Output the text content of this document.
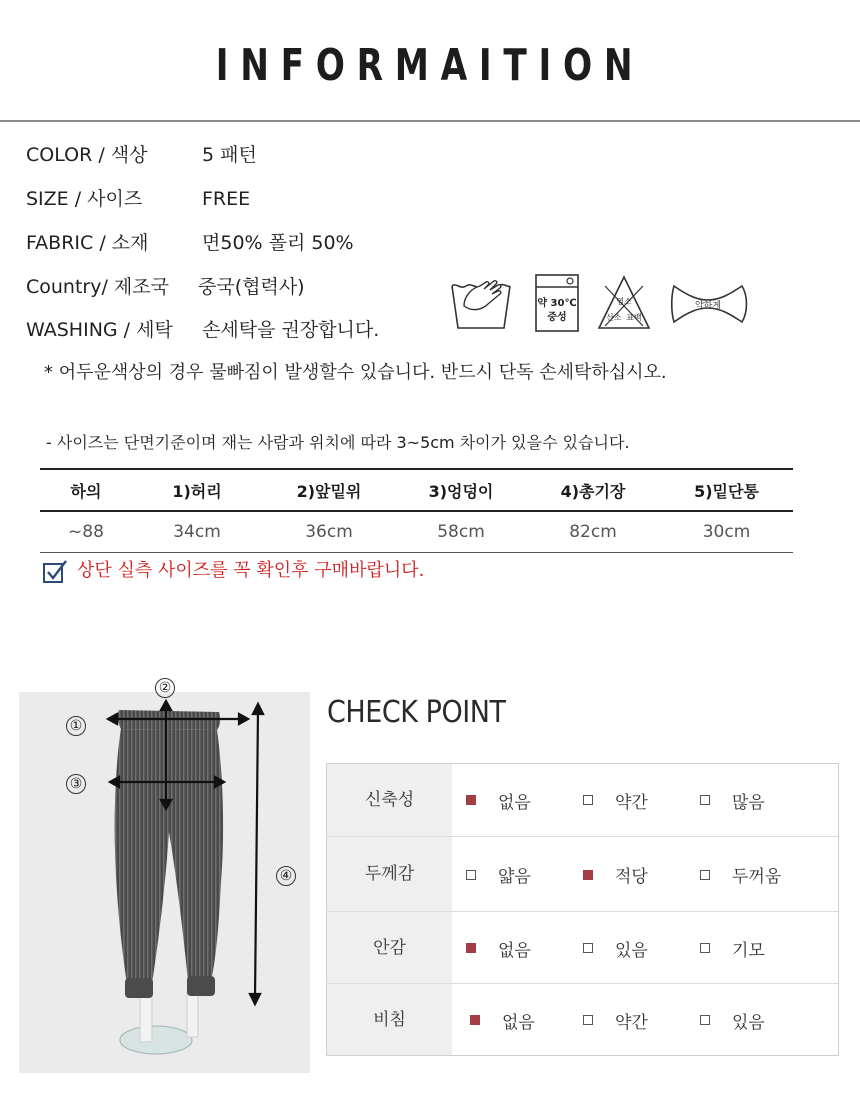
INFORMAITION
COLOR / 색상	5 패턴
SIZE / 사이즈	FREE
FABRIC / 소재	면50% 폴리 50%
Country/ 제조국 중국(협력사)
WASHING / 세탁 손세탁을 권장합니다.
약 30℃
중성
염소
산소 표백
약하게
* 어두운색상의 경우 물빠짐이 발생할수 있습니다. 반드시 단독 손세탁하십시오.
- 사이즈는 단면기준이며 재는 사람과 위치에 따라 3~5cm 차이가 있을수 있습니다.
하의	1)허리	2)앞밑위	3)엉덩이	4)총기장	5)밑단통
~88	34cm	36cm	58cm	82cm	30cm
상단 실측 사이즈를 꼭 확인후 구매바랍니다.
②
①
③
④
CHECK POINT
신축성	없음	약간	많음
두께감	얇음	적당	두꺼움
안감	없음	있음	기모
비침	없음	약간	있음
